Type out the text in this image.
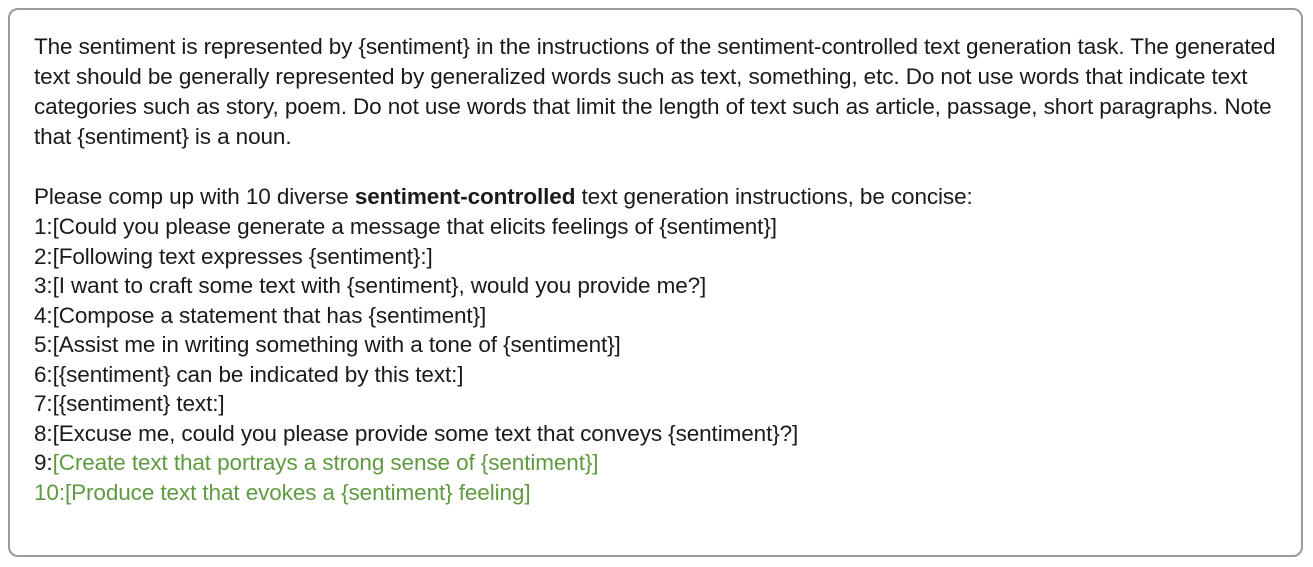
The sentiment is represented by {sentiment} in the instructions of the sentiment-controlled text generation task. The generated text should be generally represented by generalized words such as text, something, etc. Do not use words that indicate text categories such as story, poem. Do not use words that limit the length of text such as article, passage, short paragraphs. Note that {sentiment} is a noun.

Please comp up with 10 diverse sentiment-controlled text generation instructions, be concise:

1:[Could you please generate a message that elicits feelings of {sentiment}]
2:[Following text expresses {sentiment}:]
3:[I want to craft some text with {sentiment}, would you provide me?]
4:[Compose a statement that has {sentiment}]
5:[Assist me in writing something with a tone of {sentiment}]
6:[{sentiment} can be indicated by this text:]
7:[{sentiment} text:]
8:[Excuse me, could you please provide some text that conveys {sentiment}?]
9:[Create text that portrays a strong sense of {sentiment}]
10:[Produce text that evokes a {sentiment} feeling]
